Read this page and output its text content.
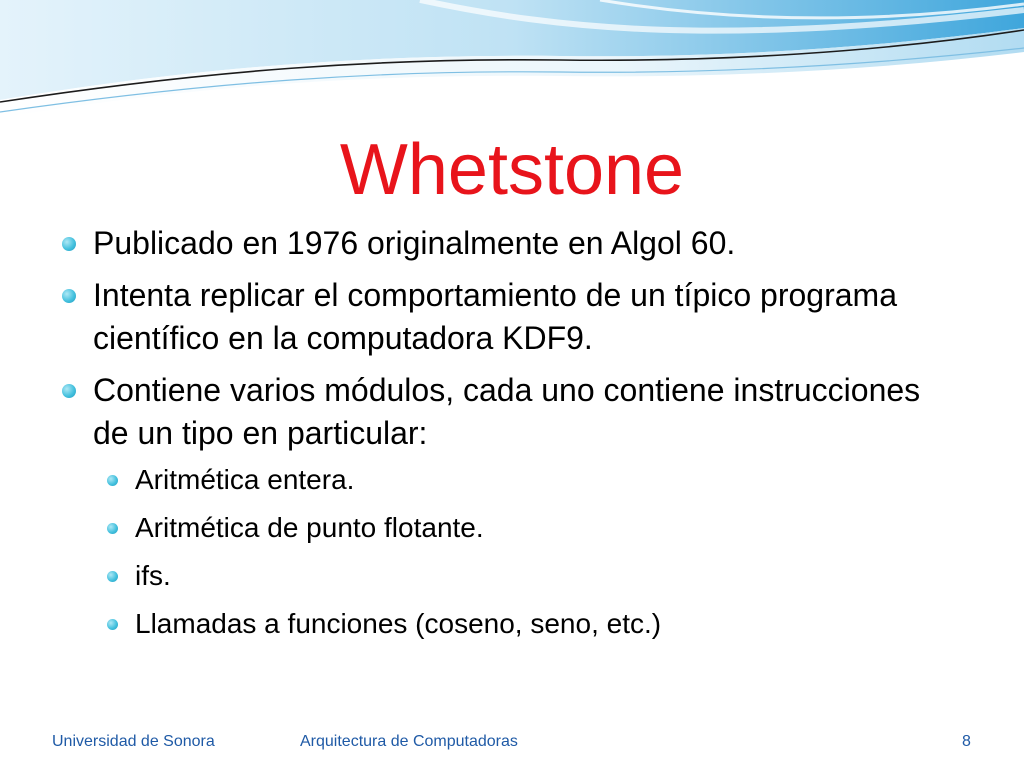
Whetstone
Publicado en 1976 originalmente en Algol 60.
Intenta replicar el comportamiento de un típico programa científico en la computadora KDF9.
Contiene varios módulos, cada uno contiene instrucciones de un tipo en particular:
Aritmética entera.
Aritmética de punto flotante.
ifs.
Llamadas a funciones (coseno, seno, etc.)
Universidad de Sonora	Arquitectura de Computadoras	8
